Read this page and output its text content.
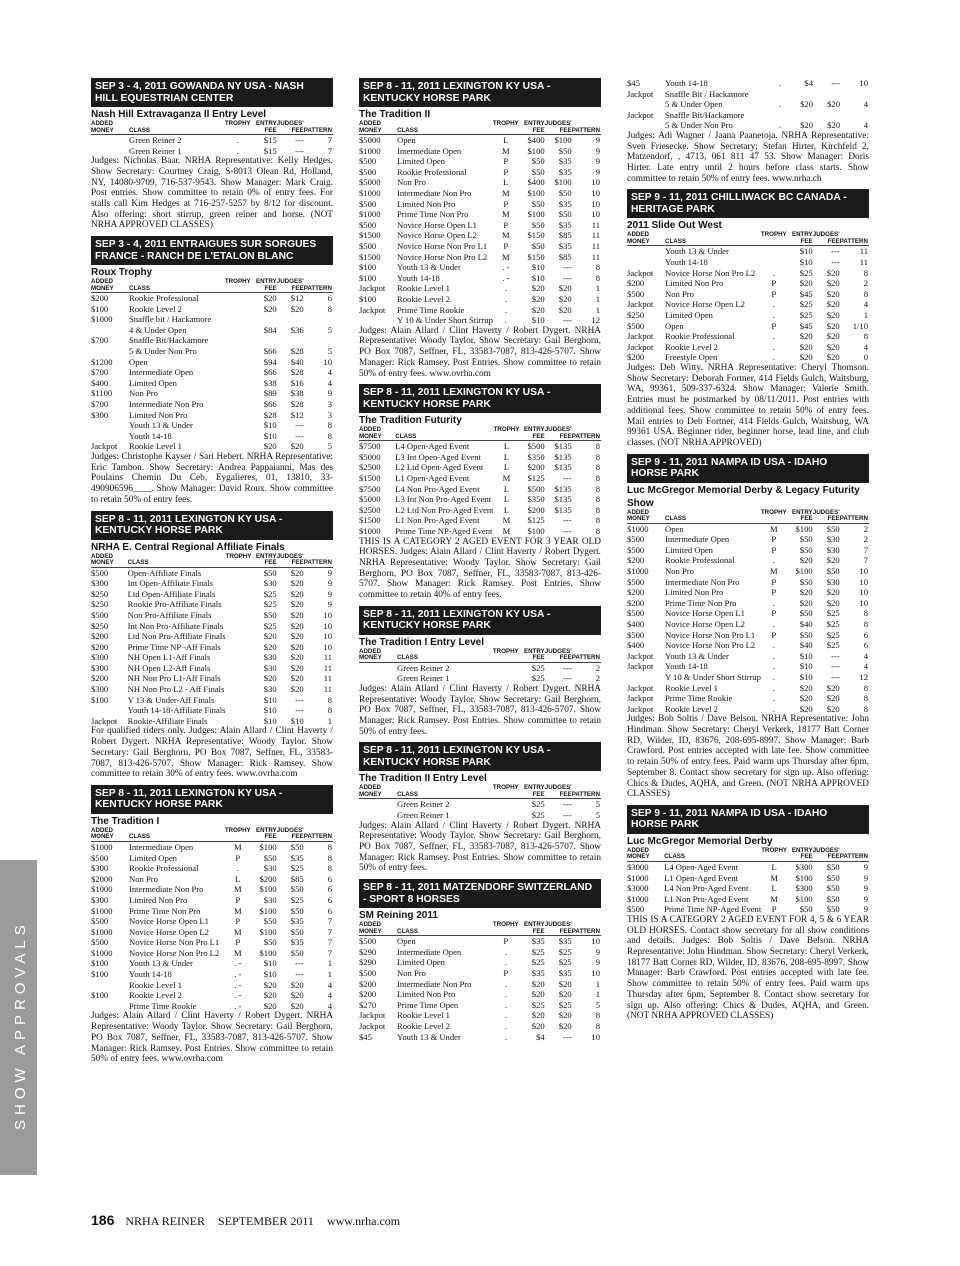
SHOW APPROVALS
SEP 3 - 4, 2011 GOWANDA NY USA - NASH HILL EQUESTRIAN CENTER
Nash Hill Extravaganza II Entry Level
ADDED		TROPHY	ENTRY	JUDGES'	
MONEY	CLASS		FEE	FEE	PATTERN
	Green Reiner 2	.	$15	---	7
	Green Reiner 1	.	$15	---	7

Judges: Nicholas Baar. NRHA Representative: Kelly Hedges. Show Secretary: Courtney Craig, S-8013 Olean Rd, Holland, NY, 14080-9709, 716-537-9543. Show Manager: Mark Craig. Post entries. Show committee to retain 0% of entry fees. For stalls call Kim Hedges at 716-257-5257 by 8/12 for discount. Also offering: short stirrup, green reiner and horse. (NOT NRHA APPROVED CLASSES)

SEP 3 - 4, 2011 ENTRAIGUES SUR SORGUES FRANCE - RANCH DE L'ETALON BLANC
Roux Trophy
ADDED		TROPHY	ENTRY	JUDGES'	
MONEY	CLASS		FEE	FEE	PATTERN
$200	Rookie Professional		$20	$12	6
$100	Rookie Level 2		$20	$20	8
$1000	Snaffle bit / Hackamore				
	4 & Under Open		$84	$36	5
$700	Snaffle Bit/Hackamore				
	5 & Under Non Pro		$66	$28	5
$1200	Open		$94	$40	10
$700	Intermediate Open		$66	$28	4
$400	Limited Open		$38	$16	4
$1100	Non Pro		$89	$38	9
$700	Intermediate Non Pro		$66	$28	3
$300	Limited Non Pro		$28	$12	3
	Youth 13 & Under		$10	---	8
	Youth 14-18		$10	---	8
Jackpot	Rookie Level 1		$20	$20	5

Judges: Christophe Kayser / Sari Hebert. NRHA Representative: Eric Tambon. Show Secretary: Andrea Pappaianni, Mas des Poulains Chemin Du Ceb, Eygalieres, 01, 13810, 33-490906596____. Show Manager: David Roux. Show committee to retain 50% of entry fees.

SEP 8 - 11, 2011 LEXINGTON KY USA - KENTUCKY HORSE PARK
NRHA E. Central Regional Affiliate Finals
ADDED		TROPHY	ENTRY	JUDGES'	
MONEY	CLASS		FEE	FEE	PATTERN
$500	Open-Affiliate Finals		$50	$20	9
$300	Int Open-Affiliate Finals		$30	$20	9
$250	Ltd Open-Affiliate Finals		$25	$20	9
$250	Rookie Pro-Affiliate Finals		$25	$20	9
$500	Non Pro-Affiliate Finals		$50	$20	10
$250	Int Non Pro-Affiliate Finals		$25	$20	10
$200	Ltd Non Pro-Affiliate Finals		$20	$20	10
$200	Prime Time NP -Aff Finals		$20	$20	10
$300	NH Open L1-Aff Finals		$30	$20	11
$300	NH Open L2-Aff Finals		$30	$20	11
$200	NH Non Pro L1-Aff Finals		$20	$20	11
$300	NH Non Pro L2 - Aff Finals		$30	$20	11
$100	Y 13 & Under-Aff Finals		$10	---	8
	Youth 14-18-Affiliate Finals		$10	---	8
Jackpot	Rookie-Affiliate Finals		$10	$10	1

For qualified riders only. Judges: Alain Allard / Clint Haverty / Robert Dygert. NRHA Representative: Woody Taylor. Show Secretary: Gail Berghorn, PO Box 7087, Seffner, FL, 33583-7087, 813-426-5707. Show Manager: Rick Ramsey. Show committee to retain 30% of entry fees. www.ovrha.com

SEP 8 - 11, 2011 LEXINGTON KY USA - KENTUCKY HORSE PARK
The Tradition I
ADDED		TROPHY	ENTRY	JUDGES'	
MONEY	CLASS		FEE	FEE	PATTERN
$1000	Intermediate Open	M	$100	$50	8
$500	Limited Open	P	$50	$35	8
$300	Rookie Professional	.	$30	$25	8
$2000	Non Pro	L	$200	$85	6
$1000	Intermediate Non Pro	M	$100	$50	6
$300	Limited Non Pro	P	$30	$25	6
$1000	Prime Time Non Pro	M	$100	$50	6
$500	Novice Horse Open L1	P	$50	$35	7
$1000	Novice Horse Open L2	M	$100	$50	7
$500	Novice Horse Non Pro L1	P	$50	$35	7
$1000	Novice Horse Non Pro L2	M	$100	$50	7
$100	Youth 13 & Under	. -	$10	---	1
$100	Youth 14-18	. -	$10	---	1
	Rookie Level 1	. -	$20	$20	4
$100	Rookie Level 2	. -	$20	$20	4
	Prime Time Rookie	. -	$20	$20	4

Judges: Alain Allard / Clint Haverty / Robert Dygert. NRHA Representative: Woody Taylor. Show Secretary: Gail Berghorn, PO Box 7087, Seffner, FL, 33583-7087, 813-426-5707. Show Manager: Rick Ramsey. Post Entries. Show committee to retain 50% of entry fees. www.ovrha.com

SEP 8 - 11, 2011 LEXINGTON KY USA - KENTUCKY HORSE PARK
The Tradition II
ADDED		TROPHY	ENTRY	JUDGES'	
MONEY	CLASS		FEE	FEE	PATTERN
$5000	Open	L	$400	$100	9
$1000	Intermediate Open	M	$100	$50	9
$500	Limited Open	P	$50	$35	9
$500	Rookie Professional	P	$50	$35	9
$5000	Non Pro	L	$400	$100	10
$1000	Intermediate Non Pro	M	$100	$50	10
$500	Limited Non Pro	P	$50	$35	10
$1000	Prime Time Non Pro	M	$100	$50	10
$500	Novice Horse Open L1	P	$50	$35	11
$1500	Novice Horse Open L2	M	$150	$85	11
$500	Novice Horse Non Pro L1	P	$50	$35	11
$1500	Novice Horse Non Pro L2	M	$150	$85	11
$100	Youth 13 & Under	. -	$10	---	8
$100	Youth 14-18	. -	$10	---	8
Jackpot	Rookie Level 1	.	$20	$20	1
$100	Rookie Level 2	.	$20	$20	1
Jackpot	Prime Time Rookie	.	$20	$20	1
	Y 10 & Under Short Stirrup	.	$10	---	12

Judges: Alain Allard / Clint Haverty / Robert Dygert. NRHA Representative: Woody Taylor. Show Secretary: Gail Berghorn, PO Box 7087, Seffner, FL, 33583-7087, 813-426-5707. Show Manager: Rick Ramsey. Post Entries. Show committee to retain 50% of entry fees. www.ovrha.com

SEP 8 - 11, 2011 LEXINGTON KY USA - KENTUCKY HORSE PARK
The Tradition Futurity
ADDED		TROPHY	ENTRY	JUDGES'	
MONEY	CLASS		FEE	FEE	PATTERN
$7500	L4 Open-Aged Event	L	$500	$135	8
$5000	L3 Int Open-Aged Event	L	$350	$135	8
$2500	L2 Ltd Open-Aged Event	L	$200	$135	8
$1500	L1 Open-Aged Event	M	$125	---	8
$7500	L4 Non Pro-Aged Event	L	$500	$135	8
$5000	L3 Int Non Pro-Aged Event	L	$350	$135	8
$2500	L2 Ltd Non Pro-Aged Event	L	$200	$135	8
$1500	L1 Non Pro-Aged Event	M	$125	---	8
$1000	Prime Time NP-Aged Event	M	$100	---	8

THIS IS A CATEGORY 2 AGED EVENT FOR 3 YEAR OLD HORSES. Judges: Alain Allard / Clint Haverty / Robert Dygert. NRHA Representative: Woody Taylor. Show Secretary: Gail Berghorn, PO Box 7087, Seffner, FL, 33583-7087, 813-426-5707. Show Manager: Rick Ramsey. Post Entries. Show committee to retain 40% of entry fees.

SEP 8 - 11, 2011 LEXINGTON KY USA - KENTUCKY HORSE PARK
The Tradition I Entry Level
ADDED		TROPHY	ENTRY	JUDGES'	
MONEY	CLASS		FEE	FEE	PATTERN
	Green Reiner 2		$25	---	2
	Green Reiner 1		$25	---	2

Judges: Alain Allard / Clint Haverty / Robert Dygert. NRHA Representative: Woody Taylor. Show Secretary: Gail Berghorn, PO Box 7087, Seffner, FL, 33583-7087, 813-426-5707. Show Manager: Rick Ramsey. Post Entries. Show committee to retain 50% of entry fees.

SEP 8 - 11, 2011 LEXINGTON KY USA - KENTUCKY HORSE PARK
The Tradition II Entry Level
ADDED		TROPHY	ENTRY	JUDGES'	
MONEY	CLASS		FEE	FEE	PATTERN
	Green Reiner 2		$25	---	5
	Green Reiner 1		$25	---	5

Judges: Alain Allard / Clint Haverty / Robert Dygert. NRHA Representative: Woody Taylor. Show Secretary: Gail Berghorn, PO Box 7087, Seffner, FL, 33583-7087, 813-426-5707. Show Manager: Rick Ramsey. Post Entries. Show committee to retain 50% of entry fees.

SEP 8 - 11, 2011 MATZENDORF SWITZERLAND - SPORT 8 HORSES
SM Reining 2011
ADDED		TROPHY	ENTRY	JUDGES'	
MONEY	CLASS		FEE	FEE	PATTERN
$500	Open	P	$35	$35	10
$290	Intermediate Open	.	$25	$25	9
$290	Limited Open	.	$25	$25	9
$500	Non Pro	P	$35	$35	10
$200	Intermediate Non Pro	.	$20	$20	1
$200	Limited Non Pro	.	$20	$20	1
$270	Prime Time Open	.	$25	$25	5
Jackpot	Rookie Level 1	.	$20	$20	8
Jackpot	Rookie Level 2	.	$20	$20	8
$45	Youth 13 & Under	.	$4	---	10
$45	Youth 14-18	.	$4	---	10
Jackpot	Snaffle Bit / Hackamore				
	5 & Under Open	.	$20	$20	4
Jackpot	Snaffle Bit/Hackamore				
	5 & Under Non Pro	.	$20	$20	4

Judges: Adi Wagner / Jaana Paanetoja. NRHA Representative: Sven Friesecke. Show Secretary: Stefan Hirter, Kirchfeld 2, Matzendorf, , 4713, 061 811 47 53. Show Manager: Doris Hirter. Late entry until 2 hours before class starts. Show committee to retain 50% of entry fees. www.nrha.ch

SEP 9 - 11, 2011 CHILLIWACK BC CANADA - HERITAGE PARK
2011 Slide Out West
ADDED		TROPHY	ENTRY	JUDGES'	
MONEY	CLASS		FEE	FEE	PATTERN
	Youth 13 & Under		$10	---	11
	Youth 14-18		$10	---	11
Jackpot	Novice Horse Non Pro L2	.	$25	$20	8
$200	Limited Non Pro	P	$20	$20	2
$500	Non Pro	P	$45	$20	8
Jackpot	Novice Horse Open L2	.	$25	$20	4
$250	Limited Open	.	$25	$20	1
$500	Open	P	$45	$20	1/10
Jackpot	Rookie Professional	.	$20	$20	8
Jackpot	Rookie Level 2	.	$20	$20	4
$200	Freestyle Open	.	$20	$20	0

Judges: Deb Witty. NRHA Representative: Cheryl Thomson. Show Secretary: Deborah Fortner, 414 Fields Gulch, Waitsburg, WA, 99361, 509-337-6324. Show Manager: Valerie Smith. Entries must be postmarked by 08/11/2011. Post entries with additional fees. Show committee to retain 50% of entry fees. Mail entries to Deb Fortner, 414 Fields Gulch, Waitsburg, WA 99361 USA. Beginner rider, beginner horse, lead line, and club classes. (NOT NRHA APPROVED)

SEP 9 - 11, 2011 NAMPA ID USA - IDAHO HORSE PARK
Luc McGregor Memorial Derby & Legacy Futurity Show
ADDED		TROPHY	ENTRY	JUDGES'	
MONEY	CLASS		FEE	FEE	PATTERN
$1000	Open	M	$100	$50	2
$500	Intermediate Open	P	$50	$30	2
$500	Limited Open	P	$50	$30	7
$200	Rookie Professional	.	$20	$20	7
$1000	Non Pro	M	$100	$50	10
$500	Intermediate Non Pro	P	$50	$30	10
$200	Limited Non Pro	P	$20	$20	10
$200	Prime Time Non Pro	.	$20	$20	10
$500	Novice Horse Open L1	P	$50	$25	8
$400	Novice Horse Open L2	.	$40	$25	8
$500	Novice Horse Non Pro L1	P	$50	$25	6
$400	Novice Horse Non Pro L2	.	$40	$25	6
Jackpot	Youth 13 & Under	.	$10	---	4
Jackpot	Youth 14-18	.	$10	---	4
	Y 10 & Under Short Stirrup	.	$10	---	12
Jackpot	Rookie Level 1	.	$20	$20	8
Jackpot	Prime Time Rookie	.	$20	$20	8
Jackpot	Rookie Level 2	.	$20	$20	8

Judges: Bob Soltis / Dave Belson. NRHA Representative: John Hindman. Show Secretary: Cheryl Verkerk, 18177 Batt Corner RD, Wilder, ID, 83676, 208-695-8997. Show Manager: Barb Crawford. Post entries accepted with late fee. Show committee to retain 50% of entry fees. Paid warm ups Thursday after 6pm, September 8. Contact show secretary for sign up. Also offering: Chics & Dudes, AQHA, and Green. (NOT NRHA APPROVED CLASSES)

SEP 9 - 11, 2011 NAMPA ID USA - IDAHO HORSE PARK
Luc McGregor Memorial Derby
ADDED		TROPHY	ENTRY	JUDGES'	
MONEY	CLASS		FEE	FEE	PATTERN
$3000	L4 Open-Aged Event	L	$300	$50	9
$1000	L1 Open-Aged Event	M	$100	$50	9
$3000	L4 Non Pro-Aged Event	L	$300	$50	9
$1000	L1 Non Pro-Aged Event	M	$100	$50	9
$500	Prime Time NP-Aged Event	P	$50	$50	9

THIS IS A CATEGORY 2 AGED EVENT FOR 4, 5 & 6 YEAR OLD HORSES. Contact show secretary for all show conditions and details. Judges: Bob Soltis / Dave Belson. NRHA Representative: John Hindman. Show Secretary: Cheryl Verkerk, 18177 Batt Corner RD, Wilder, ID, 83676, 208-695-8997. Show Manager: Barb Crawford. Post entries accepted with late fee. Show committee to retain 50% of entry fees. Paid warm ups Thursday after 6pm, September 8. Contact show secretary for sign up. Also offering: Chics & Dudes, AQHA, and Green. (NOT NRHA APPROVED CLASSES)

186 NRHA REINER SEPTEMBER 2011 www.nrha.com
